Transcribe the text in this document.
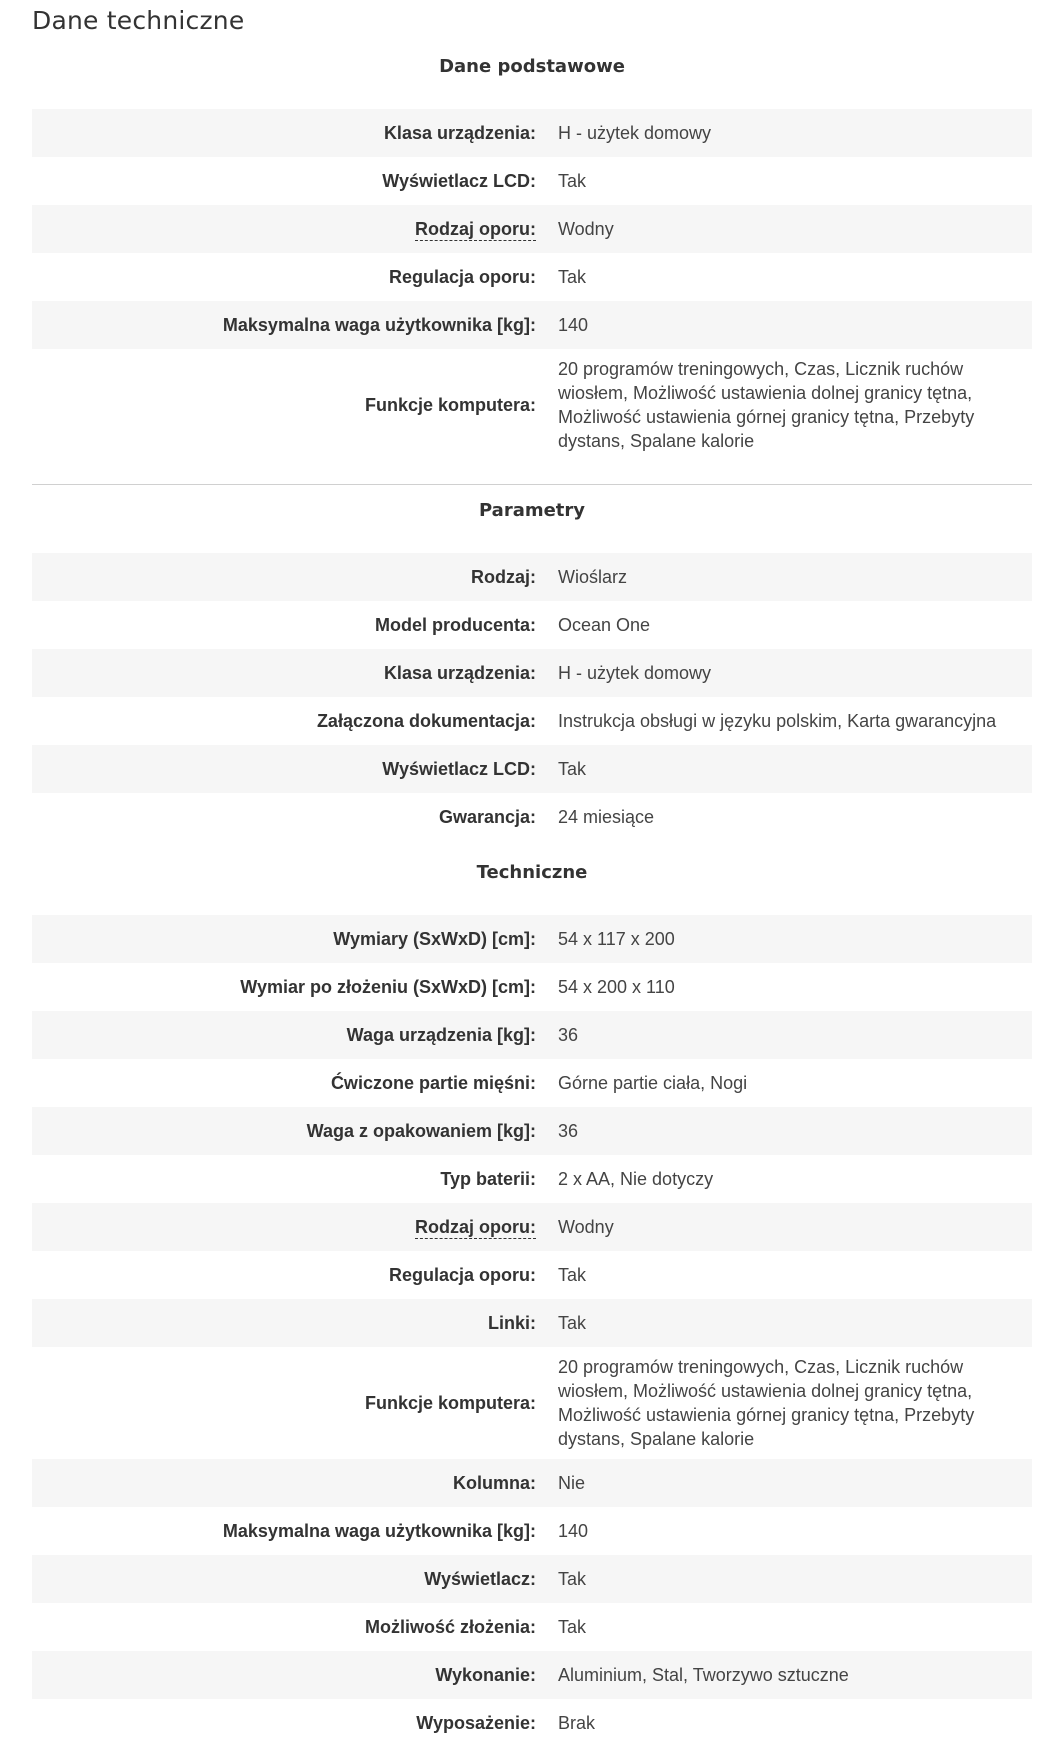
Dane techniczne
Dane podstawowe
Klasa urządzenia: H - użytek domowy
Wyświetlacz LCD: Tak
Rodzaj oporu: Wodny
Regulacja oporu: Tak
Maksymalna waga użytkownika [kg]: 140
Funkcje komputera:
20 programów treningowych, Czas, Licznik ruchów wiosłem, Możliwość ustawienia dolnej granicy tętna, Możliwość ustawienia górnej granicy tętna, Przebyty dystans, Spalane kalorie
Parametry
Rodzaj: Wioślarz
Model producenta: Ocean One
Klasa urządzenia: H - użytek domowy
Załączona dokumentacja: Instrukcja obsługi w języku polskim, Karta gwarancyjna
Wyświetlacz LCD: Tak
Gwarancja: 24 miesiące
Techniczne
Wymiary (SxWxD) [cm]: 54 x 117 x 200
Wymiar po złożeniu (SxWxD) [cm]: 54 x 200 x 110
Waga urządzenia [kg]: 36
Ćwiczone partie mięśni: Górne partie ciała, Nogi
Waga z opakowaniem [kg]: 36
Typ baterii: 2 x AA, Nie dotyczy
Rodzaj oporu: Wodny
Regulacja oporu: Tak
Linki: Tak
Funkcje komputera:
20 programów treningowych, Czas, Licznik ruchów wiosłem, Możliwość ustawienia dolnej granicy tętna, Możliwość ustawienia górnej granicy tętna, Przebyty dystans, Spalane kalorie
Kolumna: Nie
Maksymalna waga użytkownika [kg]: 140
Wyświetlacz: Tak
Możliwość złożenia: Tak
Wykonanie: Aluminium, Stal, Tworzywo sztuczne
Wyposażenie: Brak
